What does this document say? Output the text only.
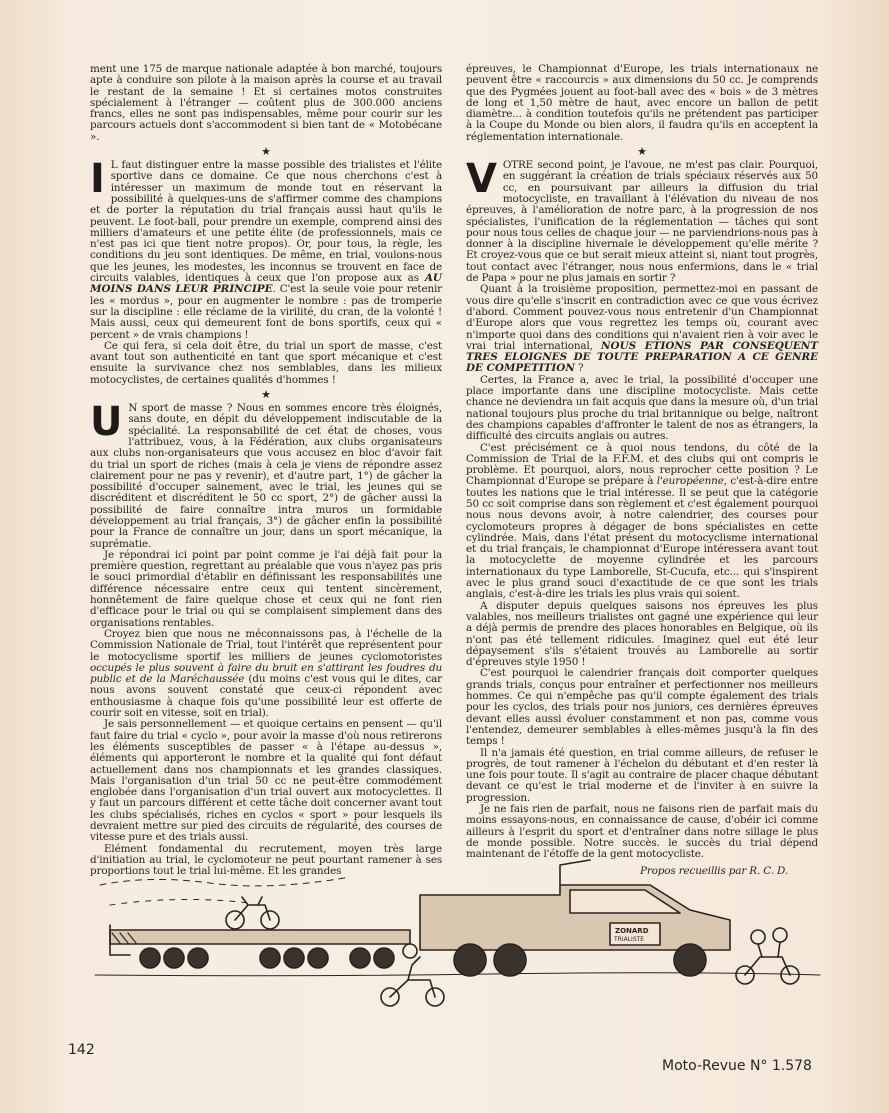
ment une 175 de marque nationale adaptée à bon marché, toujours apte à conduire son pilote à la maison après la course et au travail le restant de la semaine ! Et si certaines motos construites spécialement à l'étranger — coûtent plus de 300.000 anciens francs, elles ne sont pas indispensables, même pour courir sur les parcours actuels dont s'accommodent si bien tant de « Motobécane ».

★

I L faut distinguer entre la masse possible des trialistes et l'élite sportive dans ce domaine. Ce que nous cherchons c'est à intéresser un maximum de monde tout en réservant la possibilité à quelques-uns de s'affirmer comme des champions et de porter la réputation du trial français aussi haut qu'ils le peuvent. Le foot-ball, pour prendre un exemple, comprend ainsi des milliers d'amateurs et une petite élite (de professionnels, mais ce n'est pas ici que tient notre propos). Or, pour tous, la règle, les conditions du jeu sont identiques. De même, en trial, voulons-nous que les jeunes, les modestes, les inconnus se trouvent en face de circuits valables, identiques à ceux que l'on propose aux as AU MOINS DANS LEUR PRINCIPE. C'est la seule voie pour retenir les « mordus », pour en augmenter le nombre : pas de tromperie sur la discipline : elle réclame de la virilité, du cran, de la volonté ! Mais aussi, ceux qui demeurent font de bons sportifs, ceux qui « percent » de vrais champions !

Ce qui fera, si cela doit être, du trial un sport de masse, c'est avant tout son authenticité en tant que sport mécanique et c'est ensuite la survivance chez nos semblables, dans les milieux motocyclistes, de certaines qualités d'hommes !

★

U N sport de masse ? Nous en sommes encore très éloignés, sans doute, en dépit du développement indiscutable de la spécialité. La responsabilité de cet état de choses, vous l'attribuez, vous, à la Fédération, aux clubs organisateurs aux clubs non-organisateurs que vous accusez en bloc d'avoir fait du trial un sport de riches (mais à cela je viens de répondre assez clairement pour ne pas y revenir), et d'autre part, 1°) de gâcher la possibilité d'occuper sainement, avec le trial, les jeunes qui se discréditent et discréditent le 50 cc sport, 2°) de gâcher aussi la possibilité de faire connaître intra muros un formidable développement au trial français, 3°) de gâcher enfin la possibilité pour la France de connaître un jour, dans un sport mécanique, la suprématie.

Je répondrai ici point par point comme je l'ai déjà fait pour la première question, regrettant au préalable que vous n'ayez pas pris le souci primordial d'établir en définissant les responsabilités une différence nécessaire entre ceux qui tentent sincèrement, honnêtement de faire quelque chose et ceux qui ne font rien d'efficace pour le trial ou qui se complaisent simplement dans des organisations rentables.

Croyez bien que nous ne méconnaissons pas, à l'échelle de la Commission Nationale de Trial, tout l'intérêt que représentent pour le motocyclisme sportif les milliers de jeunes cyclomotoristes occupés le plus souvent à faire du bruit en s'attirant les foudres du public et de la Maréchaussée (du moins c'est vous qui le dites, car nous avons souvent constaté que ceux-ci répondent avec enthousiasme à chaque fois qu'une possibilité leur est offerte de courir soit en vitesse, soit en trial).

Je sais personnellement — et quoique certains en pensent — qu'il faut faire du trial « cyclo », pour avoir la masse d'où nous retirerons les éléments susceptibles de passer « à l'étape au-dessus », éléments qui apporteront le nombre et la qualité qui font défaut actuellement dans nos championnats et les grandes classiques. Mais l'organisation d'un trial 50 cc ne peut-être commodément englobée dans l'organisation d'un trial ouvert aux motocyclettes. Il y faut un parcours différent et cette tâche doit concerner avant tout les clubs spécialisés, riches en cyclos « sport » pour lesquels ils devraient mettre sur pied des circuits de régularité, des courses de vitesse pure et des trials aussi.

Elément fondamental du recrutement, moyen très large d'initiation au trial, le cyclomoteur ne peut pourtant ramener à ses proportions tout le trial lui-même. Et les grandes

épreuves, le Championnat d'Europe, les trials internationaux ne peuvent être « raccourcis » aux dimensions du 50 cc. Je comprends que des Pygmées jouent au foot-ball avec des « bois » de 3 mètres de long et 1,50 mètre de haut, avec encore un ballon de petit diamètre... à condition toutefois qu'ils ne prétendent pas participer à la Coupe du Monde ou bien alors, il faudra qu'ils en acceptent la réglementation internationale.

★

VOTRE second point, je l'avoue, ne m'est pas clair. Pourquoi, en suggérant la création de trials spéciaux réservés aux 50 cc, en poursuivant par ailleurs la diffusion du trial motocycliste, en travaillant à l'élévation du niveau de nos épreuves, à l'amélioration de notre parc, à la progression de nos spécialistes, l'unification de la réglementation — tâches qui sont pour nous tous celles de chaque jour — ne parviendrions-nous pas à donner à la discipline hivernale le développement qu'elle mérite ? Et croyez-vous que ce but serait mieux atteint si, niant tout progrès, tout contact avec l'étranger, nous nous enfermions, dans le « trial de Papa » pour ne plus jamais en sortir ?

Quant à la troisième proposition, permettez-moi en passant de vous dire qu'elle s'inscrit en contradiction avec ce que vous écrivez d'abord. Comment pouvez-vous nous entretenir d'un Championnat d'Europe alors que vous regrettez les temps où, courant avec n'importe quoi dans des conditions qui n'avaient rien à voir avec le vrai trial international, NOUS ETIONS PAR CONSEQUENT TRES ELOIGNES DE TOUTE PREPARATION A CE GENRE DE COMPETITION ?

Certes, la France a, avec le trial, la possibilité d'occuper une place importante dans une discipline motocycliste. Mais cette chance ne deviendra un fait acquis que dans la mesure où, d'un trial national toujours plus proche du trial britannique ou belge, naîtront des champions capables d'affronter le talent de nos as étrangers, la difficulté des circuits anglais ou autres.

C'est précisément ce à quoi nous tendons, du côté de la Commission de Trial de la F.F.M. et des clubs qui ont compris le problème. Et pourquoi, alors, nous reprocher cette position ? Le Championnat d'Europe se prépare à l'européenne, c'est-à-dire entre toutes les nations que le trial intéresse. Il se peut que la catégorie 50 cc soit comprise dans son règlement et c'est également pourquoi nous nous devons avoir, à notre calendrier, des courses pour cyclomoteurs propres à dégager de bons spécialistes en cette cylindrée. Mais, dans l'état présent du motocyclisme international et du trial français, le championnat d'Europe intéressera avant tout la motocyclette de moyenne cylindrée et les parcours internationaux du type Lamborelle, St-Cucufa, etc... qui s'inspirent avec le plus grand souci d'exactitude de ce que sont les trials anglais, c'est-à-dire les trials les plus vrais qui soient.

A disputer depuis quelques saisons nos épreuves les plus valables, nos meilleurs trialistes ont gagné une expérience qui leur a déjà permis de prendre des places honorables en Belgique, où ils n'ont pas été tellement ridicules. Imaginez quel eut été leur dépaysement s'ils s'étaient trouvés au Lamborelle au sortir d'épreuves style 1950 !

C'est pourquoi le calendrier français doit comporter quelques grands trials, conçus pour entraîner et perfectionner nos meilleurs hommes. Ce qui n'empêche pas qu'il compte également des trials pour les cyclos, des trials pour nos juniors, ces dernières épreuves devant elles aussi évoluer constamment et non pas, comme vous l'entendez, demeurer semblables à elles-mêmes jusqu'à la fin des temps !

Il n'a jamais été question, en trial comme ailleurs, de refuser le progrès, de tout ramener à l'échelon du débutant et d'en rester là une fois pour toute. Il s'agit au contraire de placer chaque débutant devant ce qu'est le trial moderne et de l'inviter à en suivre la progression.

Je ne fais rien de parfait, nous ne faisons rien de parfait mais du moins essayons-nous, en connaissance de cause, d'obéir ici comme ailleurs à l'esprit du sport et d'entraîner dans notre sillage le plus de monde possible. Notre succès. le succès du trial dépend maintenant de l'étoffe de la gent motocycliste.

Propos recueillis par R. C. D.
ZONARD
TRIALISTE
142
Moto-Revue N° 1.578
